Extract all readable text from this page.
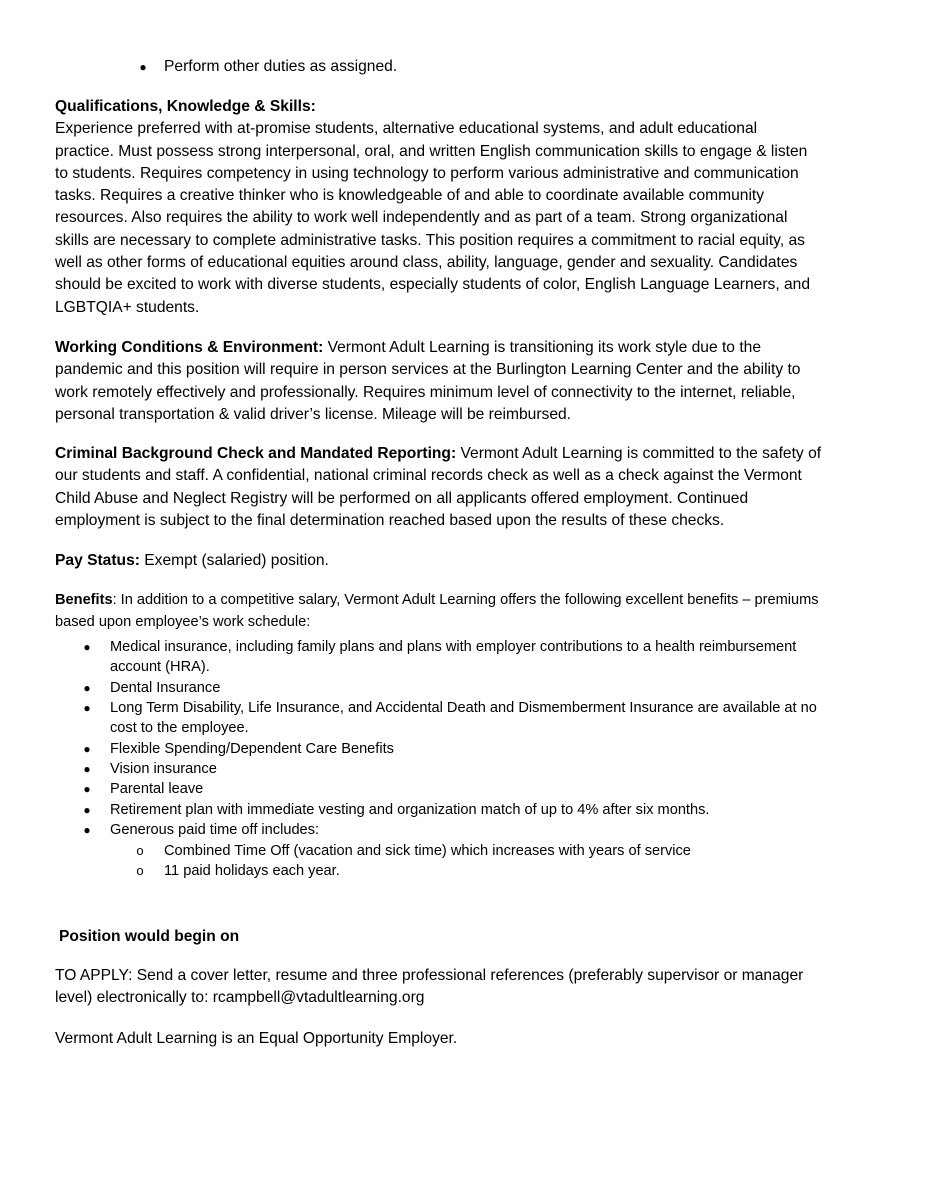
● Perform other duties as assigned.
Qualifications, Knowledge & Skills:
Experience preferred with at-promise students, alternative educational systems, and adult educational
practice. Must possess strong interpersonal, oral, and written English communication skills to engage & listen
to students. Requires competency in using technology to perform various administrative and communication
tasks. Requires a creative thinker who is knowledgeable of and able to coordinate available community
resources. Also requires the ability to work well independently and as part of a team. Strong organizational
skills are necessary to complete administrative tasks. This position requires a commitment to racial equity, as
well as other forms of educational equities around class, ability, language, gender and sexuality. Candidates
should be excited to work with diverse students, especially students of color, English Language Learners, and
LGBTQIA+ students.
Working Conditions & Environment: Vermont Adult Learning is transitioning its work style due to the
pandemic and this position will require in person services at the Burlington Learning Center and the ability to
work remotely effectively and professionally. Requires minimum level of connectivity to the internet, reliable,
personal transportation & valid driver’s license. Mileage will be reimbursed.
Criminal Background Check and Mandated Reporting: Vermont Adult Learning is committed to the safety of
our students and staff. A confidential, national criminal records check as well as a check against the Vermont
Child Abuse and Neglect Registry will be performed on all applicants offered employment. Continued
employment is subject to the final determination reached based upon the results of these checks.
Pay Status: Exempt (salaried) position.
Benefits: In addition to a competitive salary, Vermont Adult Learning offers the following excellent benefits – premiums
based upon employee’s work schedule:
● Medical insurance, including family plans and plans with employer contributions to a health reimbursement
account (HRA).
● Dental Insurance
● Long Term Disability, Life Insurance, and Accidental Death and Dismemberment Insurance are available at no
cost to the employee.
● Flexible Spending/Dependent Care Benefits
● Vision insurance
● Parental leave
● Retirement plan with immediate vesting and organization match of up to 4% after six months.
● Generous paid time off includes:
o Combined Time Off (vacation and sick time) which increases with years of service
o 11 paid holidays each year.
Position would begin on
TO APPLY: Send a cover letter, resume and three professional references (preferably supervisor or manager
level) electronically to: rcampbell@vtadultlearning.org
Vermont Adult Learning is an Equal Opportunity Employer.
